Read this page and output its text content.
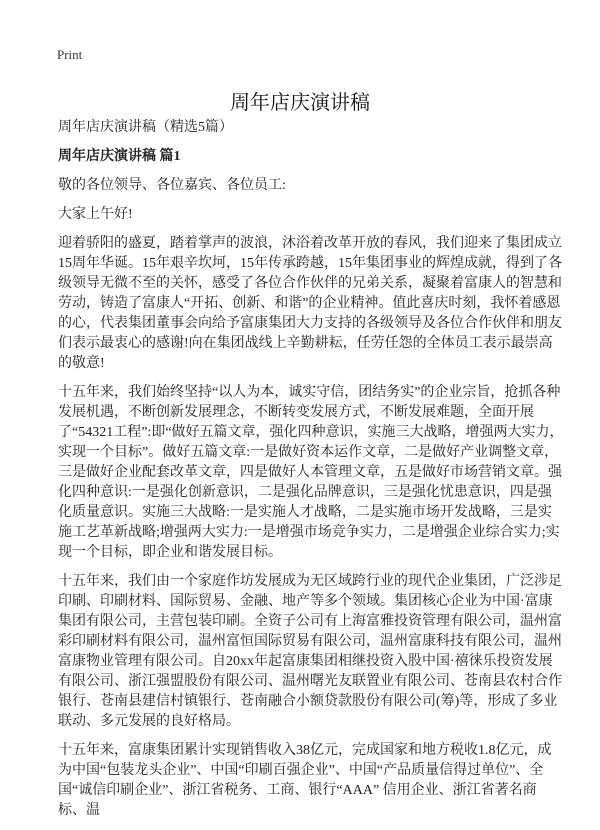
Print
周年店庆演讲稿

周年店庆演讲稿（精选5篇）

周年店庆演讲稿 篇1

敬的各位领导、各位嘉宾、各位员工:

大家上午好!

迎着骄阳的盛夏，踏着掌声的波浪，沐浴着改革开放的春风，我们迎来了集团成立15周年华诞。15年艰辛坎坷，15年传承跨越，15年集团事业的辉煌成就，得到了各级领导无微不至的关怀，感受了各位合作伙伴的兄弟关系，凝聚着富康人的智慧和劳动，铸造了富康人“开拓、创新、和谐”的企业精神。值此喜庆时刻，我怀着感恩的心，代表集团董事会向给予富康集团大力支持的各级领导及各位合作伙伴和朋友们表示最衷心的感谢!向在集团战线上辛勤耕耘，任劳任怨的全体员工表示最崇高的敬意!

十五年来，我们始终坚持“以人为本，诚实守信，团结务实”的企业宗旨，抢抓各种发展机遇，不断创新发展理念，不断转变发展方式，不断发展难题，全面开展了“54321工程”:即“做好五篇文章，强化四种意识，实施三大战略，增强两大实力，实现一个目标”。做好五篇文章:一是做好资本运作文章，二是做好产业调整文章，三是做好企业配套改革文章，四是做好人本管理文章，五是做好市场营销文章。强化四种意识:一是强化创新意识，二是强化品牌意识，三是强化忧患意识，四是强化质量意识。实施三大战略:一是实施人才战略，二是实施市场开发战略，三是实施工艺革新战略;增强两大实力:一是增强市场竞争实力，二是增强企业综合实力;实现一个目标，即企业和谐发展目标。

十五年来，我们由一个家庭作坊发展成为无区域跨行业的现代企业集团，广泛涉足印刷、印刷材料、国际贸易、金融、地产等多个领域。集团核心企业为中国·富康集团有限公司，主营包装印刷。全资子公司有上海富雅投资管理有限公司，温州富彩印刷材料有限公司，温州富恒国际贸易有限公司，温州富康科技有限公司，温州富康物业管理有限公司。自20xx年起富康集团相继投资入股中国·禧徕乐投资发展有限公司、浙江强盟股份有限公司、温州曙光友联置业有限公司、苍南县农村合作银行、苍南县建信村镇银行、苍南融合小额贷款股份有限公司(筹)等，形成了多业联动、多元发展的良好格局。

十五年来，富康集团累计实现销售收入38亿元，完成国家和地方税收1.8亿元，成为中国“包装龙头企业”、中国“印刷百强企业”、中国“产品质量信得过单位”、全国“诚信印刷企业”、浙江省税务、工商、银行“AAA” 信用企业、浙江省著名商标、温
